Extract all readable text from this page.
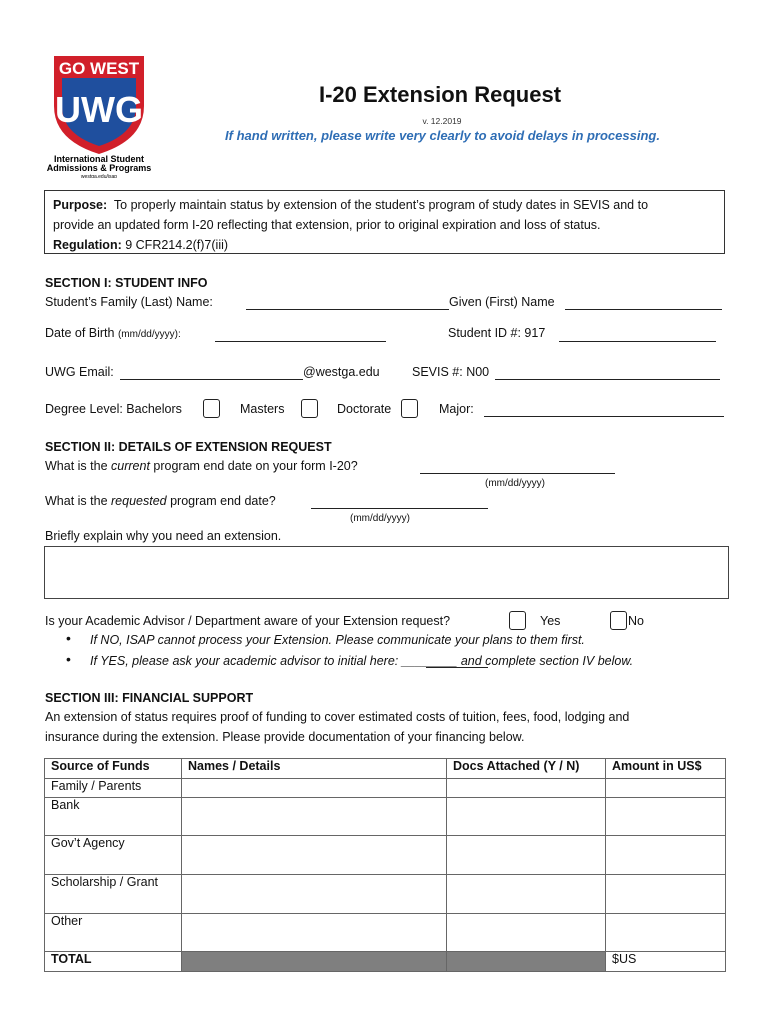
GO WEST
UWG
International Student
Admissions & Programs
westga.edu/isap
I-20 Extension Request
v. 12.2019
If hand written, please write very clearly to avoid delays in processing.
Purpose: To properly maintain status by extension of the student’s program of study dates in SEVIS and to
provide an updated form I-20 reflecting that extension, prior to original expiration and loss of status.
Regulation: 9 CFR214.2(f)7(iii)
SECTION I: STUDENT INFO
Student’s Family (Last) Name:	Given (First) Name
Date of Birth (mm/dd/yyyy):	Student ID #: 917
UWG Email:	@westga.edu	SEVIS #: N00
Degree Level: Bachelors	Masters	Doctorate	Major:
SECTION II: DETAILS OF EXTENSION REQUEST
What is the current program end date on your form I-20?
(mm/dd/yyyy)
What is the requested program end date?
(mm/dd/yyyy)
Briefly explain why you need an extension.
Is your Academic Advisor / Department aware of your Extension request?	Yes	No
• If NO, ISAP cannot process your Extension. Please communicate your plans to them first.
• If YES, please ask your academic advisor to initial here: ________ and complete section IV below.
SECTION III: FINANCIAL SUPPORT
An extension of status requires proof of funding to cover estimated costs of tuition, fees, food, lodging and
insurance during the extension. Please provide documentation of your financing below.
Source of Funds	Names / Details	Docs Attached (Y / N)	Amount in US$
Family / Parents			
Bank			
Gov’t Agency			
Scholarship / Grant			
Other			
TOTAL			$US
